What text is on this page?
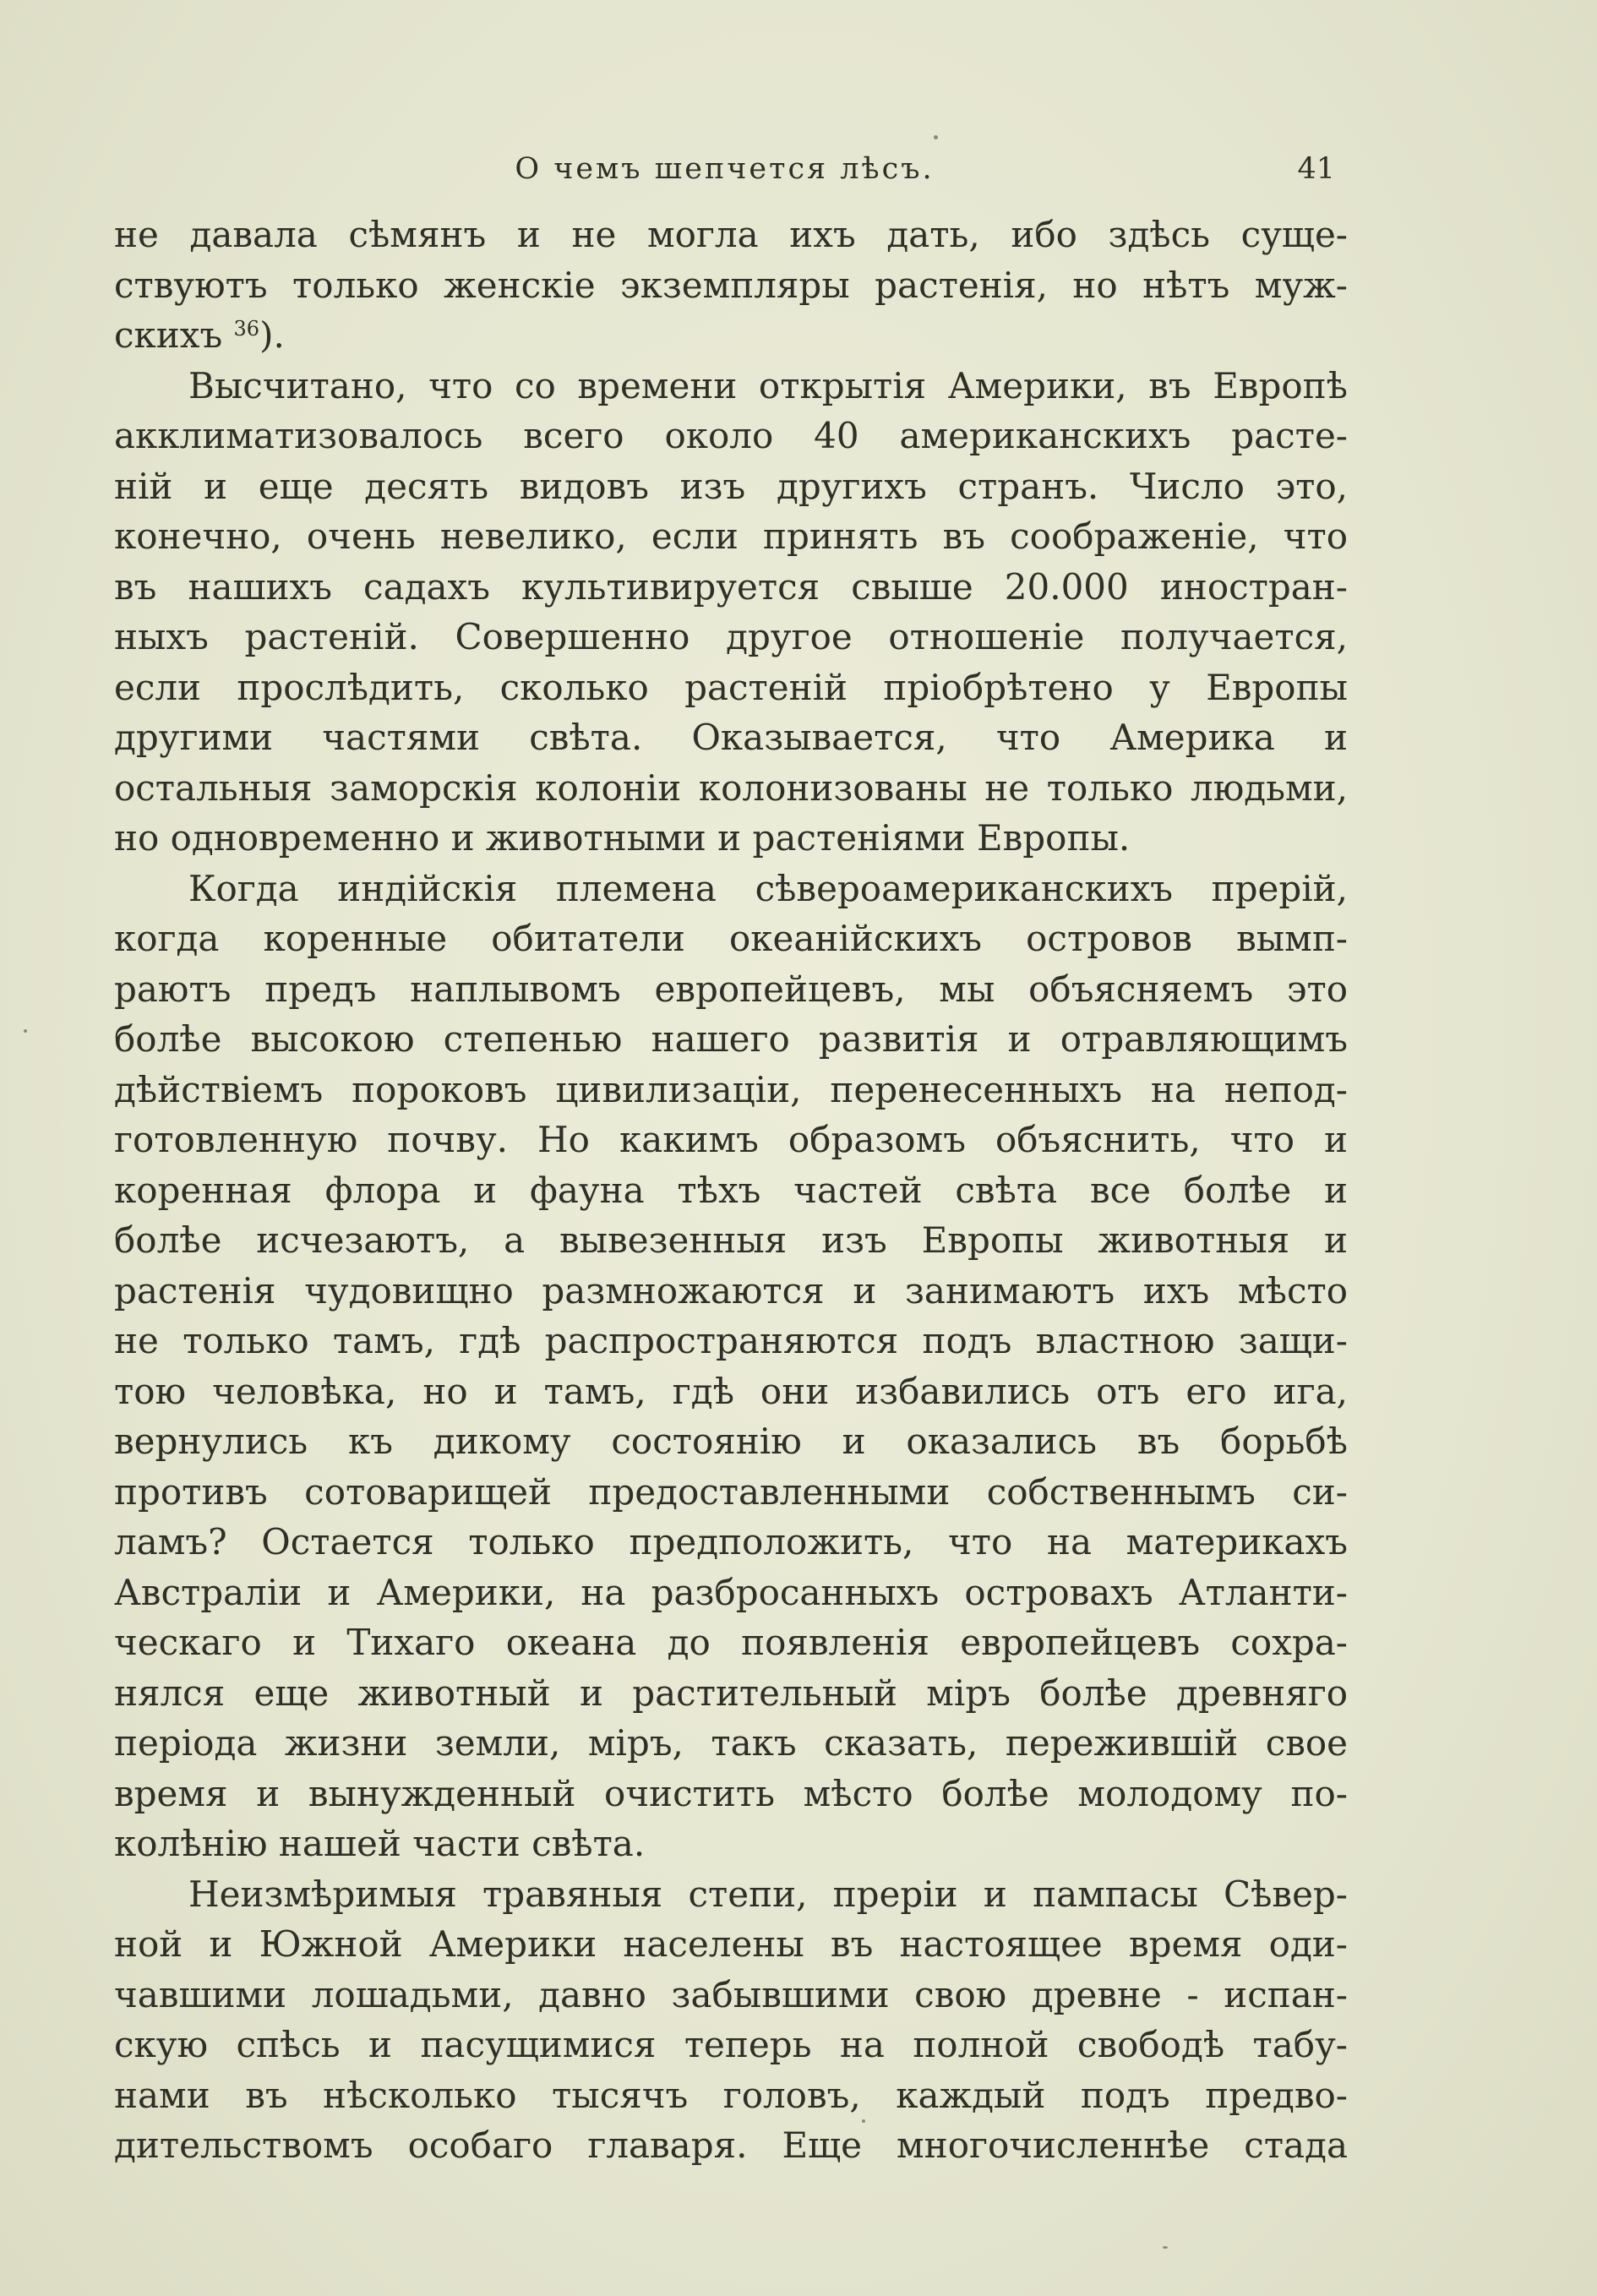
О чемъ шепчется лѣсъ.	41
не давала сѣмянъ и не могла ихъ дать, ибо здѣсь суще-
ствуютъ только женскіе экземпляры растенія, но нѣтъ муж-
скихъ $^{36}$).
Высчитано, что со времени открытія Америки, въ Европѣ
акклиматизовалось всего около 40 американскихъ расте-
ній и еще десять видовъ изъ другихъ странъ. Число это,
конечно, очень невелико, если принять въ соображеніе, что
въ нашихъ садахъ культивируется свыше 20.000 иностран-
ныхъ растеній. Совершенно другое отношеніе получается,
если прослѣдить, сколько растеній пріобрѣтено у Европы
другими частями свѣта. Оказывается, что Америка и
остальныя заморскія колоніи колонизованы не только людьми,
но одновременно и животными и растеніями Европы.
Когда индійскія племена сѣвероамериканскихъ прерій,
когда коренные обитатели океанійскихъ островов вымп-
раютъ предъ наплывомъ европейцевъ, мы объясняемъ это
болѣе высокою степенью нашего развитія и отравляющимъ
дѣйствіемъ пороковъ цивилизаціи, перенесенныхъ на непод-
готовленную почву. Но какимъ образомъ объяснить, что и
коренная флора и фауна тѣхъ частей свѣта все болѣе и
болѣе исчезаютъ, а вывезенныя изъ Европы животныя и
растенія чудовищно размножаются и занимаютъ ихъ мѣсто
не только тамъ, гдѣ распространяются подъ властною защи-
тою человѣка, но и тамъ, гдѣ они избавились отъ его ига,
вернулись къ дикому состоянію и оказались въ борьбѣ
противъ сотоварищей предоставленными собственнымъ си-
ламъ? Остается только предположить, что на материкахъ
Австраліи и Америки, на разбросанныхъ островахъ Атланти-
ческаго и Тихаго океана до появленія европейцевъ сохра-
нялся еще животный и растительный міръ болѣе древняго
періода жизни земли, міръ, такъ сказать, пережившій свое
время и вынужденный очистить мѣсто болѣе молодому по-
колѣнію нашей части свѣта.
Неизмѣримыя травяныя степи, преріи и пампасы Сѣвер-
ной и Южной Америки населены въ настоящее время оди-
чавшими лошадьми, давно забывшими свою древне - испан-
скую спѣсь и пасущимися теперь на полной свободѣ табу-
нами въ нѣсколько тысячъ головъ, каждый подъ предво-
дительствомъ особаго главаря. Еще многочисленнѣе стада
